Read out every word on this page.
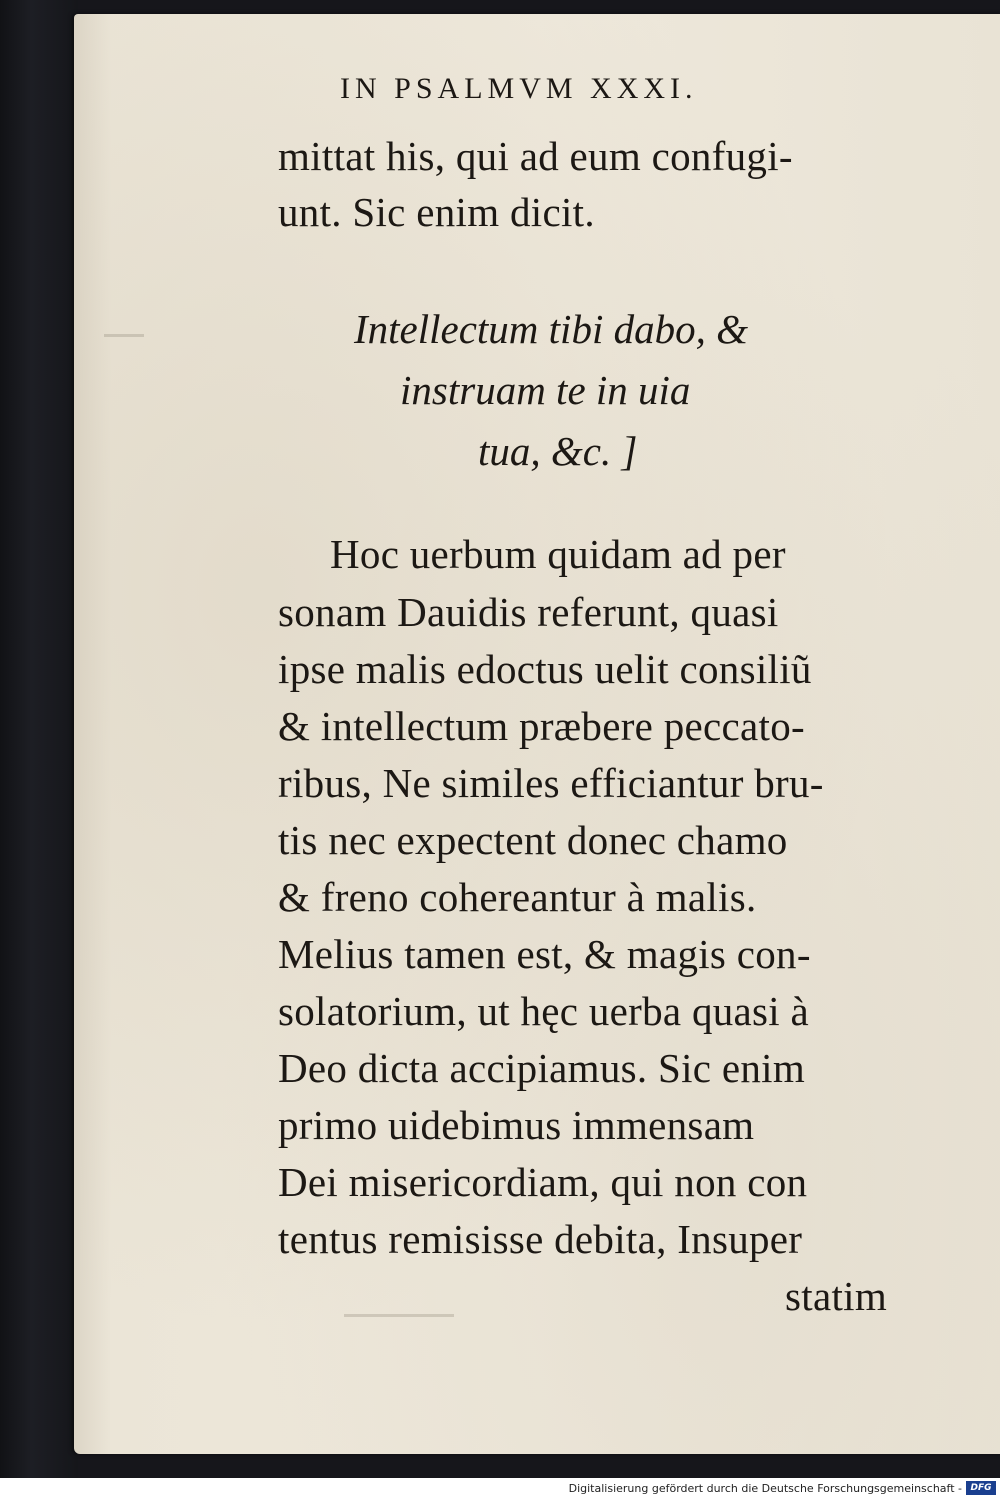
IN PSALMVM XXXI.
mittat his, qui ad eum confugi-
unt. Sic enim dicit.
Intellectum tibi dabo, &
instruam te in uia
tua, &c. ]
Hoc uerbum quidam ad per
sonam Dauidis referunt, quasi
ipse malis edoctus uelit consiliũ
& intellectum præbere peccato-
ribus, Ne similes efficiantur bru-
tis nec expectent donec chamo
& freno cohereantur à malis.
Melius tamen est, & magis con-
solatorium, ut hęc uerba quasi à
Deo dicta accipiamus. Sic enim
primo uidebimus immensam
Dei misericordiam, qui non con
tentus remisisse debita, Insuper
statim
Digitalisierung gefördert durch die Deutsche Forschungsgemeinschaft - DFG
